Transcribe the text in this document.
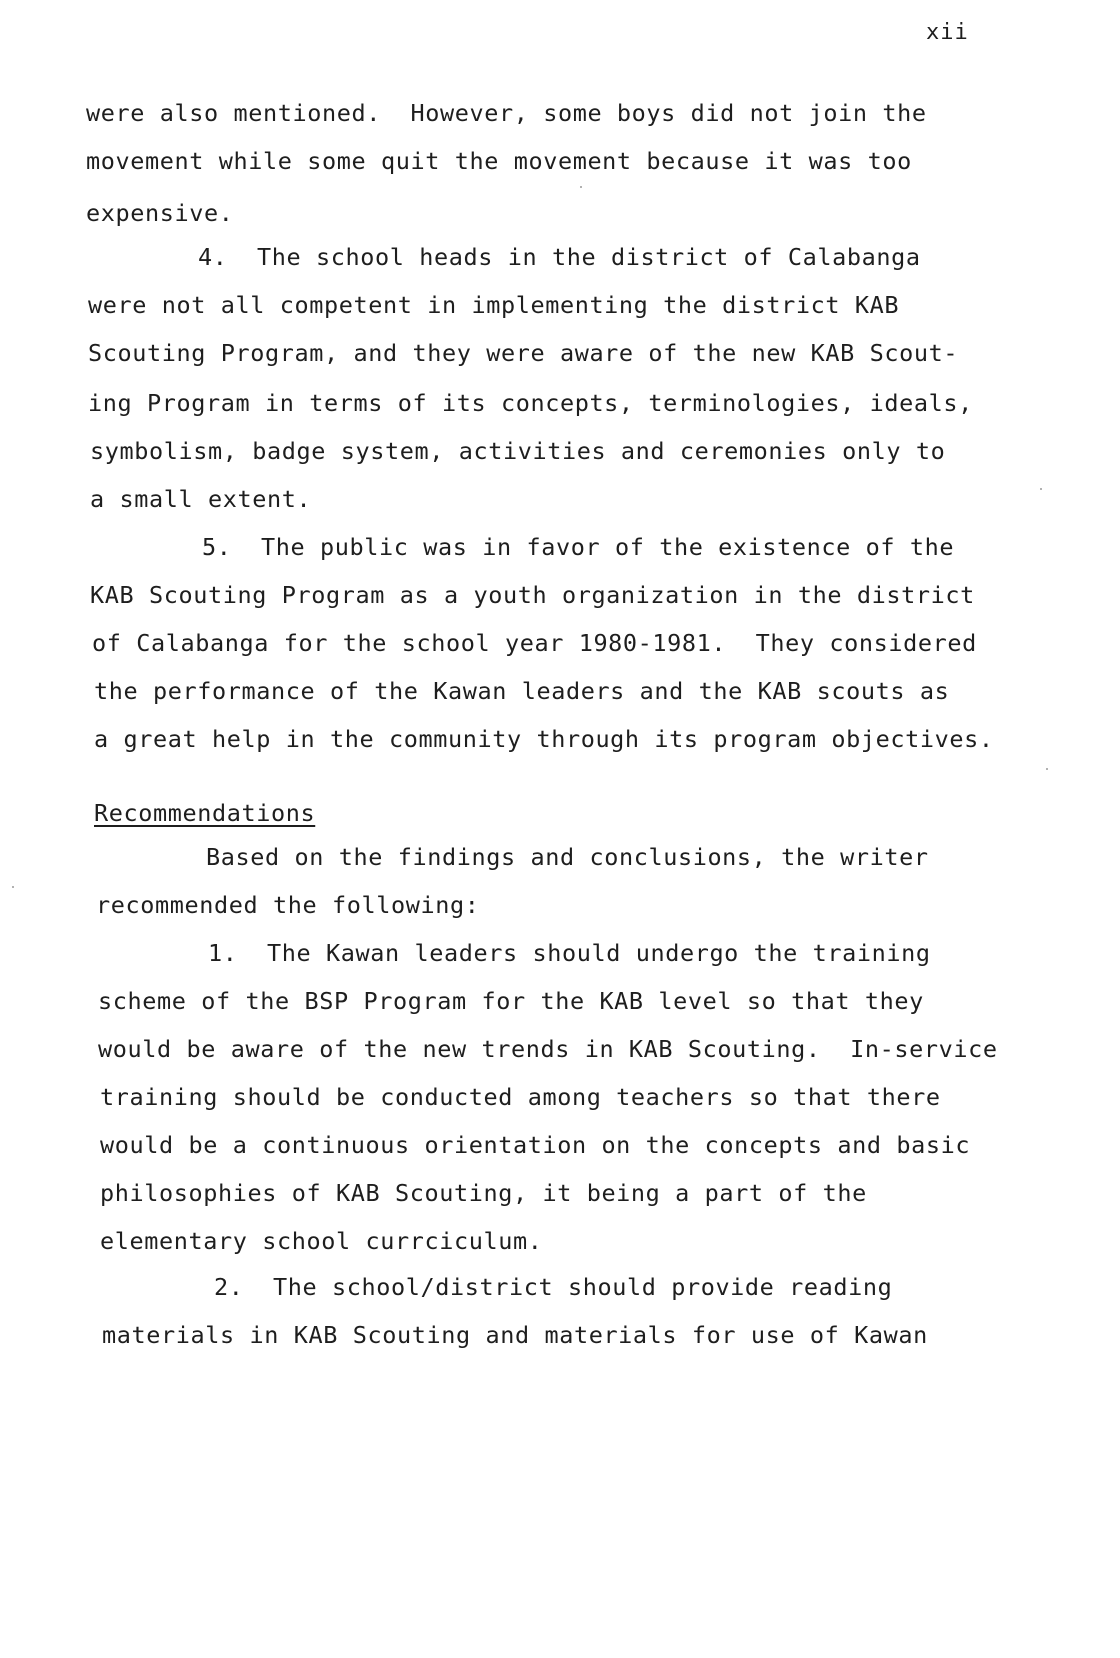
xii
were also mentioned.  However, some boys did not join the
movement while some quit the movement because it was too
expensive.
4.  The school heads in the district of Calabanga
were not all competent in implementing the district KAB
Scouting Program, and they were aware of the new KAB Scout-
ing Program in terms of its concepts, terminologies, ideals,
symbolism, badge system, activities and ceremonies only to
a small extent.
5.  The public was in favor of the existence of the
KAB Scouting Program as a youth organization in the district
of Calabanga for the school year 1980-1981.  They considered
the performance of the Kawan leaders and the KAB scouts as
a great help in the community through its program objectives.
Recommendations
Based on the findings and conclusions, the writer
recommended the following:
1.  The Kawan leaders should undergo the training
scheme of the BSP Program for the KAB level so that they
would be aware of the new trends in KAB Scouting.  In-service
training should be conducted among teachers so that there
would be a continuous orientation on the concepts and basic
philosophies of KAB Scouting, it being a part of the
elementary school currciculum.
2.  The school/district should provide reading
materials in KAB Scouting and materials for use of Kawan
